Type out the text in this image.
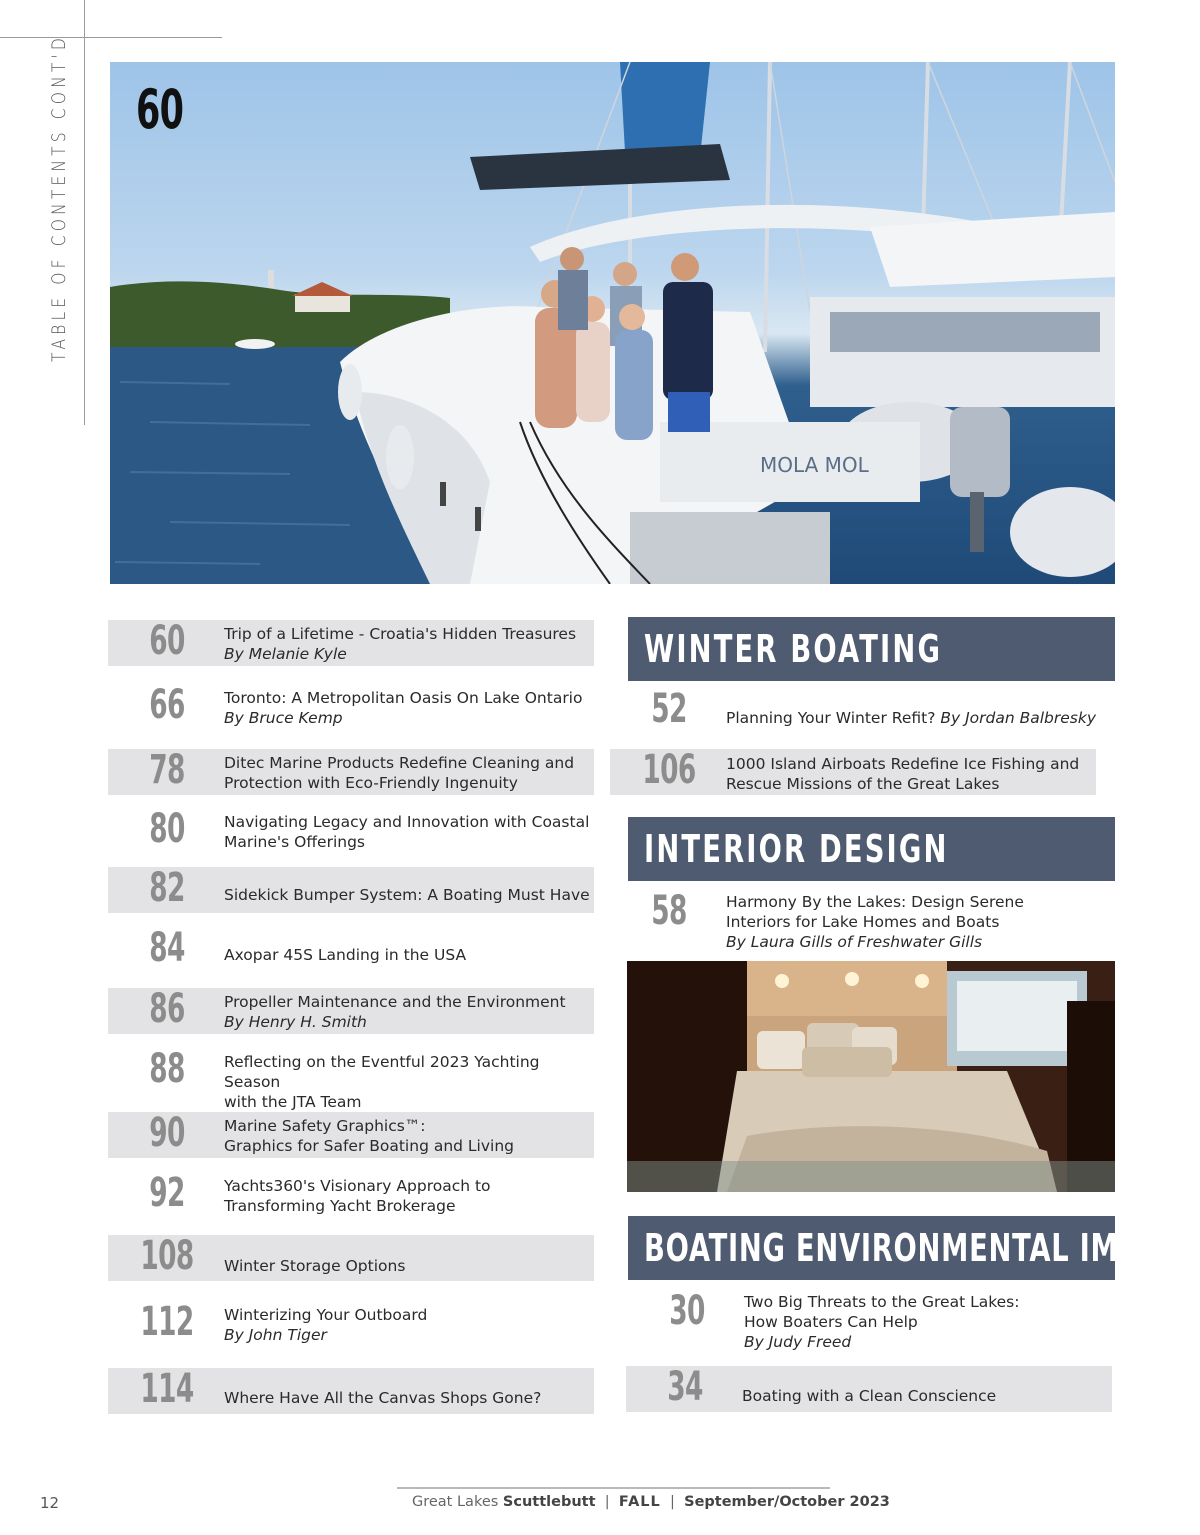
TABLE OF CONTENTS CONT'D
MOLA MOL
60
60	Trip of a Lifetime - Croatia's Hidden Treasures
By Melanie Kyle
66	Toronto: A Metropolitan Oasis On Lake Ontario
By Bruce Kemp
78	Ditec Marine Products Redefine Cleaning and
Protection with Eco-Friendly Ingenuity
80	Navigating Legacy and Innovation with Coastal
Marine's Offerings
82	Sidekick Bumper System: A Boating Must Have
84	Axopar 45S Landing in the USA
86	Propeller Maintenance and the Environment
By Henry H. Smith
88	Reflecting on the Eventful 2023 Yachting Season
with the JTA Team
90	Marine Safety Graphics™:
Graphics for Safer Boating and Living
92	Yachts360's Visionary Approach to
Transforming Yacht Brokerage
108	Winter Storage Options
112	Winterizing Your Outboard
By John Tiger
114	Where Have All the Canvas Shops Gone?
WINTER BOATING
52	Planning Your Winter Refit? By Jordan Balbresky
106	1000 Island Airboats Redefine Ice Fishing and
Rescue Missions of the Great Lakes
INTERIOR DESIGN
58	Harmony By the Lakes: Design Serene
Interiors for Lake Homes and Boats
By Laura Gills of Freshwater Gills
BOATING ENVIRONMENTAL IMPACT
30	Two Big Threats to the Great Lakes:
How Boaters Can Help
By Judy Freed
34	Boating with a Clean Conscience
12	Great Lakes Scuttlebutt  |  FALL  |  September/October 2023
